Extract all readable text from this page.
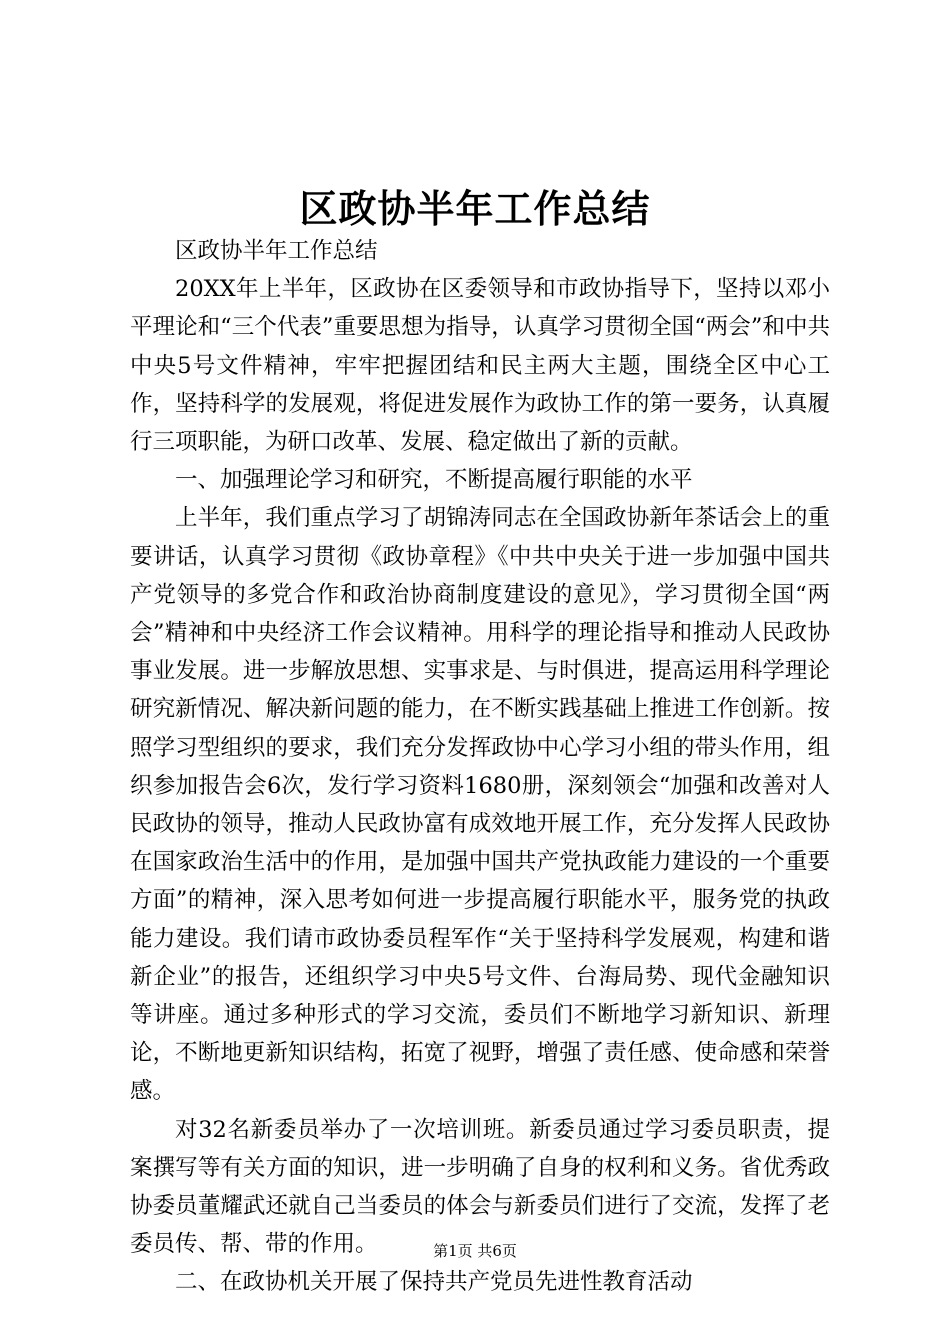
区政协半年工作总结

区政协半年工作总结

20XX年上半年，区政协在区委领导和市政协指导下，坚持以邓小平理论和“三个代表”重要思想为指导，认真学习贯彻全国“两会”和中共中央5号文件精神，牢牢把握团结和民主两大主题，围绕全区中心工作，坚持科学的发展观，将促进发展作为政协工作的第一要务，认真履行三项职能，为研口改革、发展、稳定做出了新的贡献。

一、加强理论学习和研究，不断提高履行职能的水平

上半年，我们重点学习了胡锦涛同志在全国政协新年茶话会上的重要讲话，认真学习贯彻《政协章程》《中共中央关于进一步加强中国共产党领导的多党合作和政治协商制度建设的意见》，学习贯彻全国“两会”精神和中央经济工作会议精神。用科学的理论指导和推动人民政协事业发展。进一步解放思想、实事求是、与时俱进，提高运用科学理论研究新情况、解决新问题的能力，在不断实践基础上推进工作创新。按照学习型组织的要求，我们充分发挥政协中心学习小组的带头作用，组织参加报告会6次，发行学习资料1680册，深刻领会“加强和改善对人民政协的领导，推动人民政协富有成效地开展工作，充分发挥人民政协在国家政治生活中的作用，是加强中国共产党执政能力建设的一个重要方面”的精神，深入思考如何进一步提高履行职能水平，服务党的执政能力建设。我们请市政协委员程军作“关于坚持科学发展观，构建和谐新企业”的报告，还组织学习中央5号文件、台海局势、现代金融知识等讲座。通过多种形式的学习交流，委员们不断地学习新知识、新理论，不断地更新知识结构，拓宽了视野，增强了责任感、使命感和荣誉感。

对32名新委员举办了一次培训班。新委员通过学习委员职责，提案撰写等有关方面的知识，进一步明确了自身的权利和义务。省优秀政协委员董耀武还就自己当委员的体会与新委员们进行了交流，发挥了老委员传、帮、带的作用。

二、在政协机关开展了保持共产党员先进性教育活动

第1页 共6页
